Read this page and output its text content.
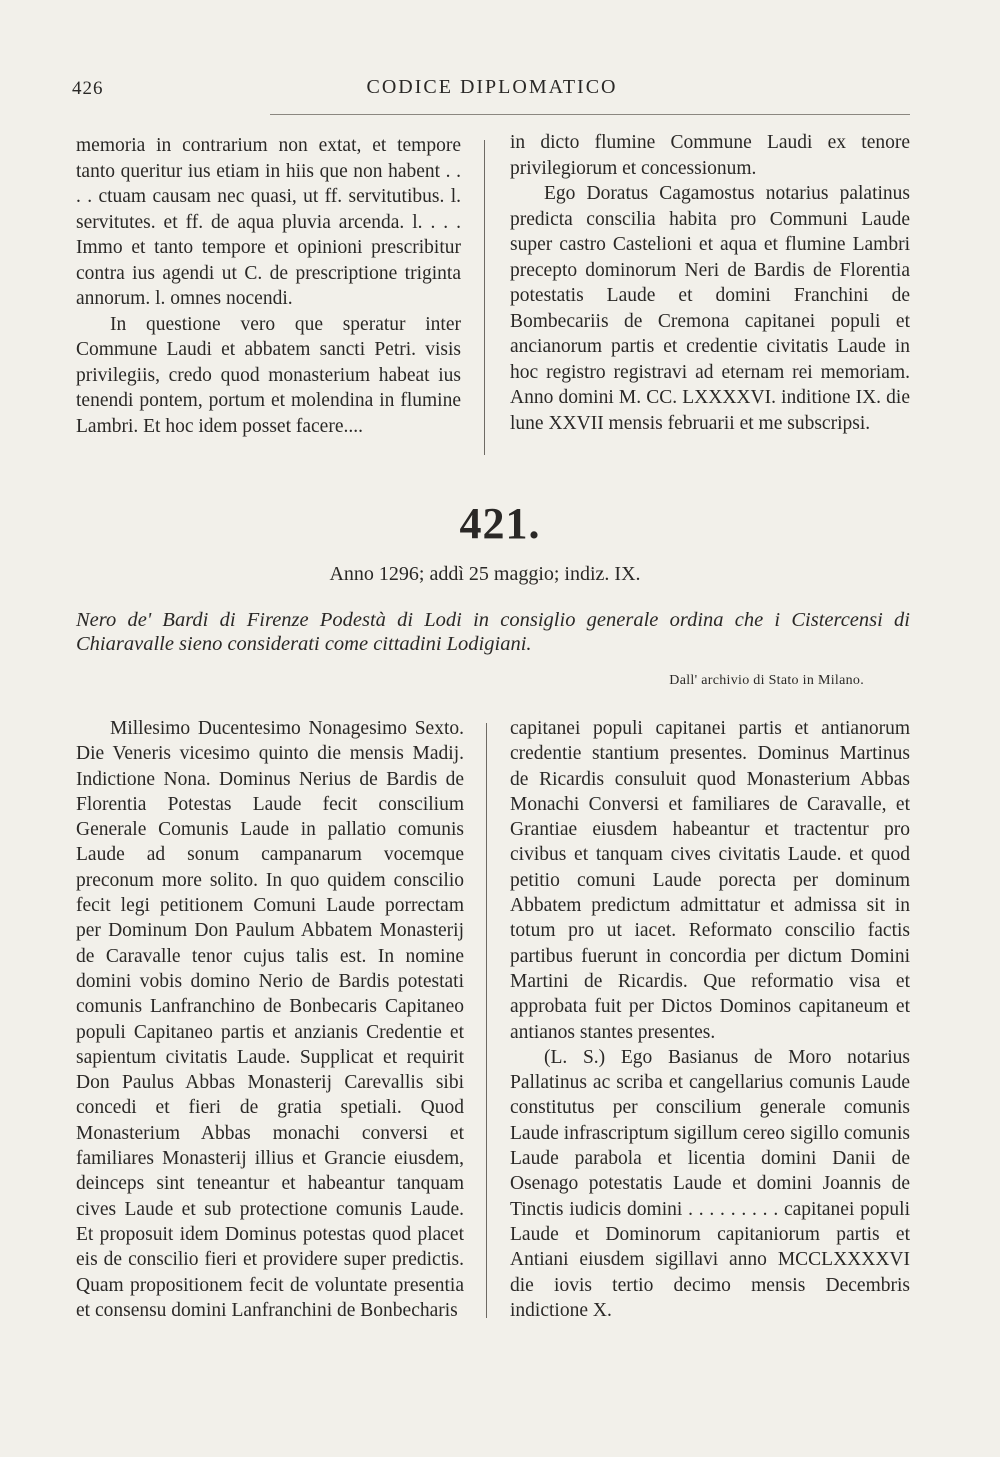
426	CODICE DIPLOMATICO

memoria in contrarium non extat, et tempore tanto queritur ius etiam in hiis que non habent . . . . ctuam causam nec quasi, ut ff. servitutibus. l. servitutes. et ff. de aqua pluvia arcenda. l. . . . Immo et tanto tempore et opinioni prescribitur contra ius agendi ut C. de prescriptione triginta annorum. l. omnes nocendi.

In questione vero que speratur inter Commune Laudi et abbatem sancti Petri. visis privilegiis, credo quod monasterium habeat ius tenendi pontem, portum et molendina in flumine Lambri. Et hoc idem posset facere....

in dicto flumine Commune Laudi ex tenore privilegiorum et concessionum.

Ego Doratus Cagamostus notarius palatinus predicta conscilia habita pro Communi Laude super castro Castelioni et aqua et flumine Lambri precepto dominorum Neri de Bardis de Florentia potestatis Laude et domini Franchini de Bombecariis de Cremona capitanei populi et ancianorum partis et credentie civitatis Laude in hoc registro registravi ad eternam rei memoriam. Anno domini M. CC. LXXXXVI. inditione IX. die lune XXVII mensis februarii et me subscripsi.

421.
Anno 1296; addì 25 maggio; indiz. IX.
Nero de' Bardi di Firenze Podestà di Lodi in consiglio generale ordina che i Cistercensi di Chiaravalle sieno considerati come cittadini Lodigiani.
Dall' archivio di Stato in Milano.

Millesimo Ducentesimo Nonagesimo Sexto. Die Veneris vicesimo quinto die mensis Madij. Indictione Nona. Dominus Nerius de Bardis de Florentia Potestas Laude fecit conscilium Generale Comunis Laude in pallatio comunis Laude ad sonum campanarum vocemque preconum more solito. In quo quidem conscilio fecit legi petitionem Comuni Laude porrectam per Dominum Don Paulum Abbatem Monasterij de Caravalle tenor cujus talis est. In nomine domini vobis domino Nerio de Bardis potestati comunis Lanfranchino de Bonbecaris Capitaneo populi Capitaneo partis et anzianis Credentie et sapientum civitatis Laude. Supplicat et requirit Don Paulus Abbas Monasterij Carevallis sibi concedi et fieri de gratia spetiali. Quod Monasterium Abbas monachi conversi et familiares Monasterij illius et Grancie eiusdem, deinceps sint teneantur et habeantur tanquam cives Laude et sub protectione comunis Laude. Et proposuit idem Dominus potestas quod placet eis de conscilio fieri et providere super predictis. Quam propositionem fecit de voluntate presentia et consensu domini Lanfranchini de Bonbecharis

capitanei populi capitanei partis et antianorum credentie stantium presentes. Dominus Martinus de Ricardis consuluit quod Monasterium Abbas Monachi Conversi et familiares de Caravalle, et Grantiae eiusdem habeantur et tractentur pro civibus et tanquam cives civitatis Laude. et quod petitio comuni Laude porecta per dominum Abbatem predictum admittatur et admissa sit in totum pro ut iacet. Reformato conscilio factis partibus fuerunt in concordia per dictum Domini Martini de Ricardis. Que reformatio visa et approbata fuit per Dictos Dominos capitaneum et antianos stantes presentes.

(L. S.) Ego Basianus de Moro notarius Pallatinus ac scriba et cangellarius comunis Laude constitutus per conscilium generale comunis Laude infrascriptum sigillum cereo sigillo comunis Laude parabola et licentia domini Danii de Osenago potestatis Laude et domini Joannis de Tinctis iudicis domini . . . . . . . . . capitanei populi Laude et Dominorum capitaniorum partis et Antiani eiusdem sigillavi anno MCCLXXXXVI die iovis tertio decimo mensis Decembris indictione X.
